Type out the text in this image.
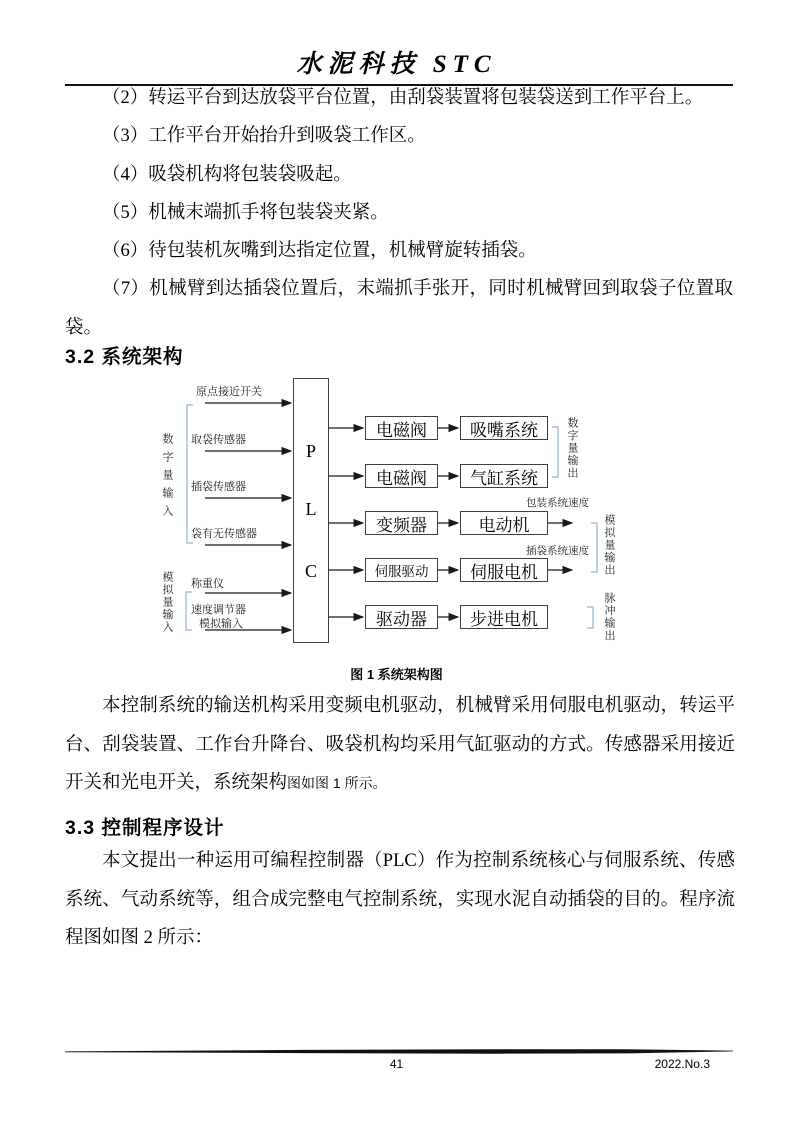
水泥科技 STC

（2）转运平台到达放袋平台位置，由刮袋装置将包装袋送到工作平台上。

（3）工作平台开始抬升到吸袋工作区。

（4）吸袋机构将包装袋吸起。

（5）机械末端抓手将包装袋夹紧。

（6）待包装机灰嘴到达指定位置，机械臂旋转插袋。

（7）机械臂到达插袋位置后，末端抓手张开，同时机械臂回到取袋子位置取袋。

3.2 系统架构
数字量输入
模拟量输入
原点接近开关
取袋传感器
插袋传感器
袋有无传感器
称重仪
速度调节器
模拟输入
P
L
C
电磁阀
电磁阀
变频器
伺服驱动
驱动器
吸嘴系统
气缸系统
电动机
伺服电机
步进电机
包装系统速度
插袋系统速度
数字量输出
模拟量输出
脉冲输出
图 1 系统架构图

本控制系统的输送机构采用变频电机驱动，机械臂采用伺服电机驱动，转运平台、刮袋装置、工作台升降台、吸袋机构均采用气缸驱动的方式。传感器采用接近开关和光电开关，系统架构图如图 1 所示。

3.3 控制程序设计

本文提出一种运用可编程控制器（PLC）作为控制系统核心与伺服系统、传感系统、气动系统等，组合成完整电气控制系统，实现水泥自动插袋的目的。程序流程图如图 2 所示：

41	2022.No.3
